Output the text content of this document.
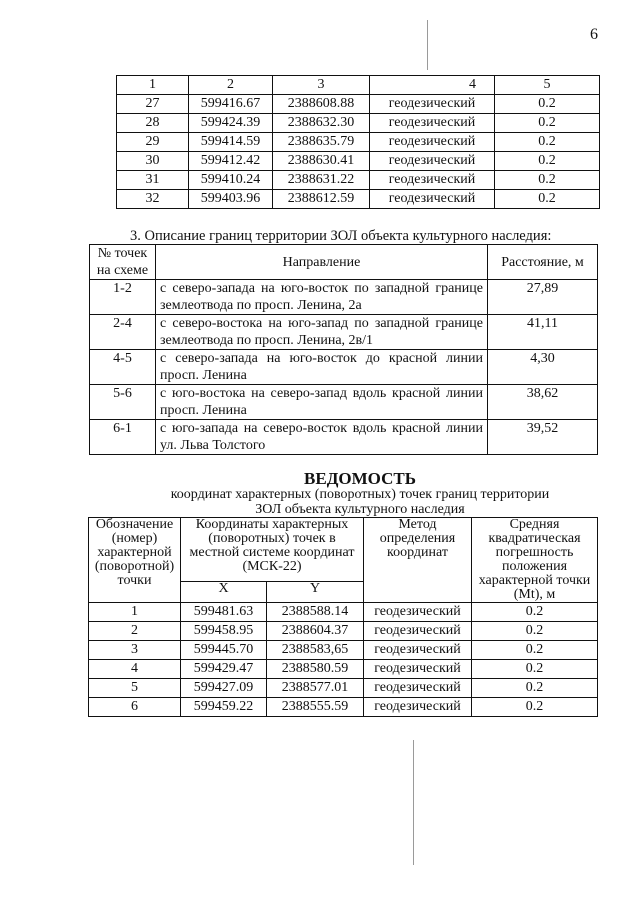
6
1	2	3	4	5
27	599416.67	2388608.88	геодезический	0.2
28	599424.39	2388632.30	геодезический	0.2
29	599414.59	2388635.79	геодезический	0.2
30	599412.42	2388630.41	геодезический	0.2
31	599410.24	2388631.22	геодезический	0.2
32	599403.96	2388612.59	геодезический	0.2
3. Описание границ территории ЗОЛ объекта культурного наследия:
№ точек на схеме	Направление	Расстояние, м
1-2	с северо-запада на юго-восток по западной границе землеотвода по просп. Ленина, 2а	27,89
2-4	с северо-востока на юго-запад по западной границе землеотвода по просп. Ленина, 2в/1	41,11
4-5	с северо-запада на юго-восток до красной линии просп. Ленина	4,30
5-6	с юго-востока на северо-запад вдоль красной линии просп. Ленина	38,62
6-1	с юго-запада на северо-восток вдоль красной линии ул. Льва Толстого	39,52
ВЕДОМОСТЬ
координат характерных (поворотных) точек границ территории
ЗОЛ объекта культурного наследия
Обозначение (номер) характерной (поворотной) точки	Координаты характерных (поворотных) точек в местной системе координат (МСК-22)		Метод определения координат	Средняя квадратическая погрешность положения характерной точки (Mt), м
	X	Y		
1	599481.63	2388588.14	геодезический	0.2
2	599458.95	2388604.37	геодезический	0.2
3	599445.70	2388583,65	геодезический	0.2
4	599429.47	2388580.59	геодезический	0.2
5	599427.09	2388577.01	геодезический	0.2
6	599459.22	2388555.59	геодезический	0.2
